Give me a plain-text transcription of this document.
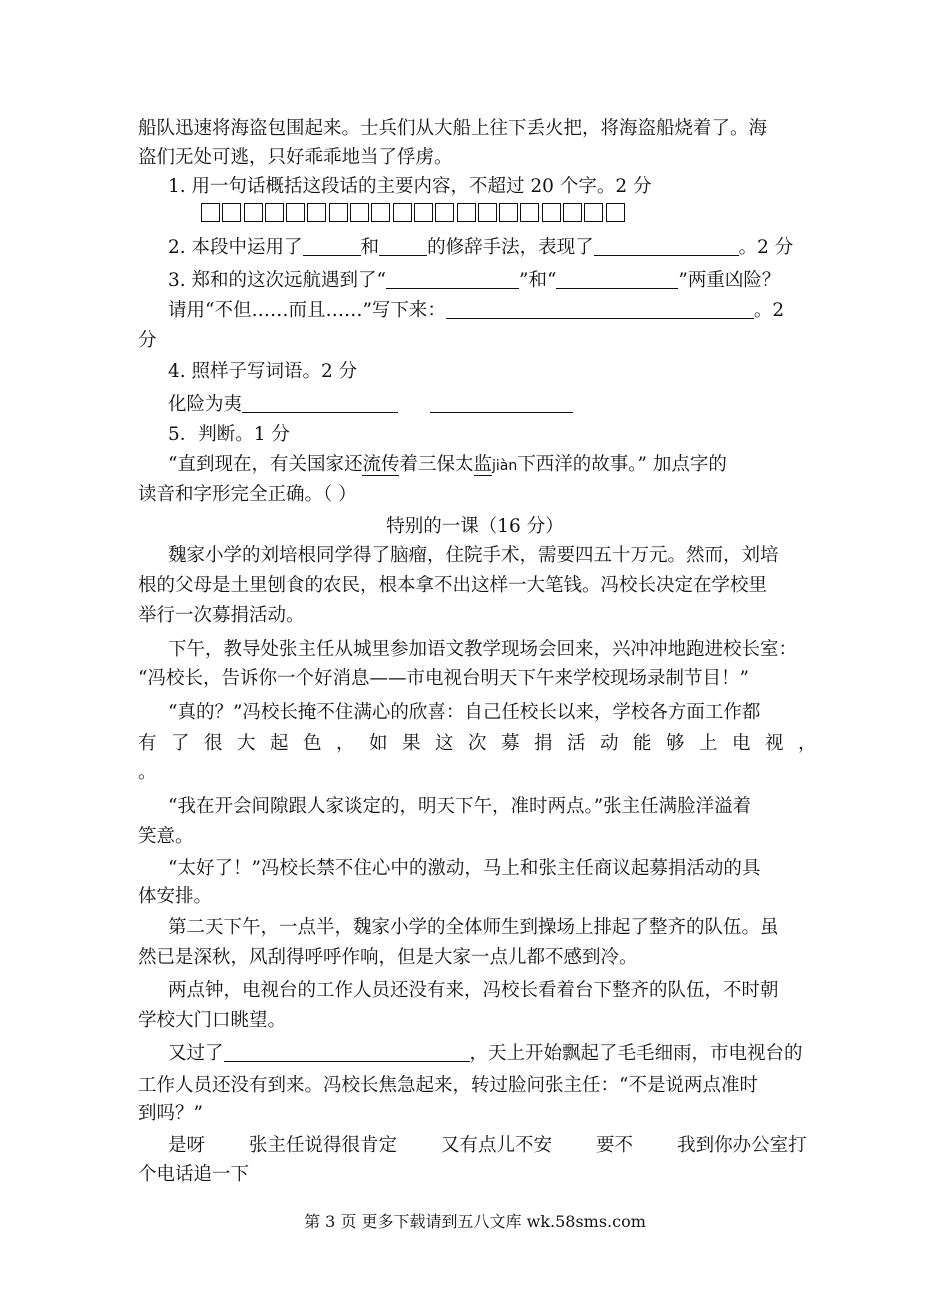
船队迅速将海盗包围起来。士兵们从大船上往下丢火把，将海盗船烧着了。海
盗们无处可逃，只好乖乖地当了俘虏。
1. 用一句话概括这段话的主要内容，不超过 20 个字。2 分
2. 本段中运用了	和	的修辞手法，表现了	。2 分
3. 郑和的这次远航遇到了“	”和“	”两重凶险？
请用“不但……而且……”写下来：	。2
分
4. 照样子写词语。2 分
化险为夷
5．判断。1 分
“直到现在，有关国家还流传着三保太监jiàn下西洋的故事。” 加点字的
读音和字形完全正确。（ ）
特别的一课（16 分）
魏家小学的刘培根同学得了脑瘤，住院手术，需要四五十万元。然而，刘培
根的父母是土里刨食的农民，根本拿不出这样一大笔钱。冯校长决定在学校里
举行一次募捐活动。
下午，教导处张主任从城里参加语文教学现场会回来，兴冲冲地跑进校长室：
“冯校长，告诉你一个好消息——市电视台明天下午来学校现场录制节目！”
“真的？”冯校长掩不住满心的欣喜：自己任校长以来，学校各方面工作都
有了很大起色，如果这次募捐活动能够上电视，
。
“我在开会间隙跟人家谈定的，明天下午，准时两点。”张主任满脸洋溢着
笑意。
“太好了！”冯校长禁不住心中的激动，马上和张主任商议起募捐活动的具
体安排。
第二天下午，一点半，魏家小学的全体师生到操场上排起了整齐的队伍。虽
然已是深秋，风刮得呼呼作响，但是大家一点儿都不感到冷。
两点钟，电视台的工作人员还没有来，冯校长看着台下整齐的队伍，不时朝
学校大门口眺望。
又过了	，天上开始飘起了毛毛细雨，市电视台的
工作人员还没有到来。冯校长焦急起来，转过脸问张主任：“不是说两点准时
到吗？”
是呀 张主任说得很肯定 又有点儿不安 要不 我到你办公室打
个电话追一下
第 3 页 更多下载请到五八文库 wk.58sms.com
